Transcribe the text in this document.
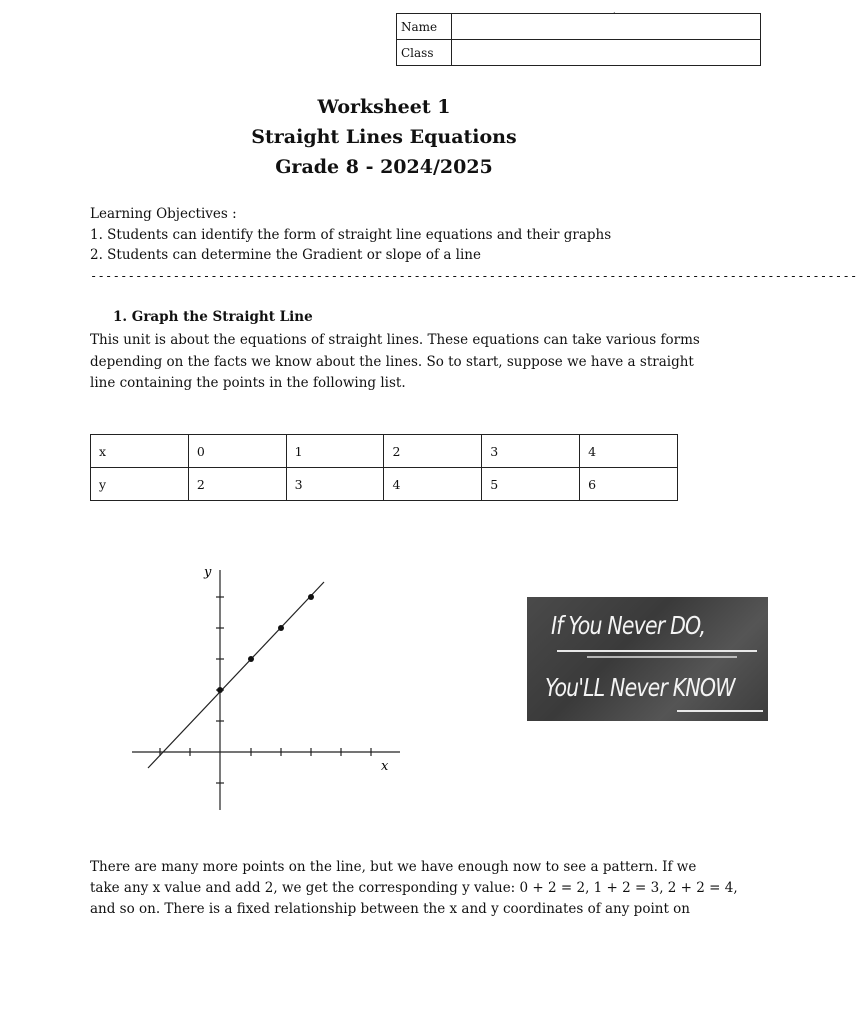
.
Name	
Class	
Worksheet 1
Straight Lines Equations
Grade 8 - 2024/2025
Learning Objectives :
1. Students can identify the form of straight line equations and their graphs
2. Students can determine the Gradient or slope of a line
------------------------------------------------------------------------------------------------------
1. Graph the Straight Line
This unit is about the equations of straight lines. These equations can take various forms
depending on the facts we know about the lines. So to start, suppose we have a straight
line containing the points in the following list.
x	0	1	2	3	4
y	2	3	4	5	6
y
x
If You Never DO,
You'LL Never KNOW
There are many more points on the line, but we have enough now to see a pattern. If we
take any x value and add 2, we get the corresponding y value: 0 + 2 = 2, 1 + 2 = 3, 2 + 2 = 4,
and so on. There is a fixed relationship between the x and y coordinates of any point on
